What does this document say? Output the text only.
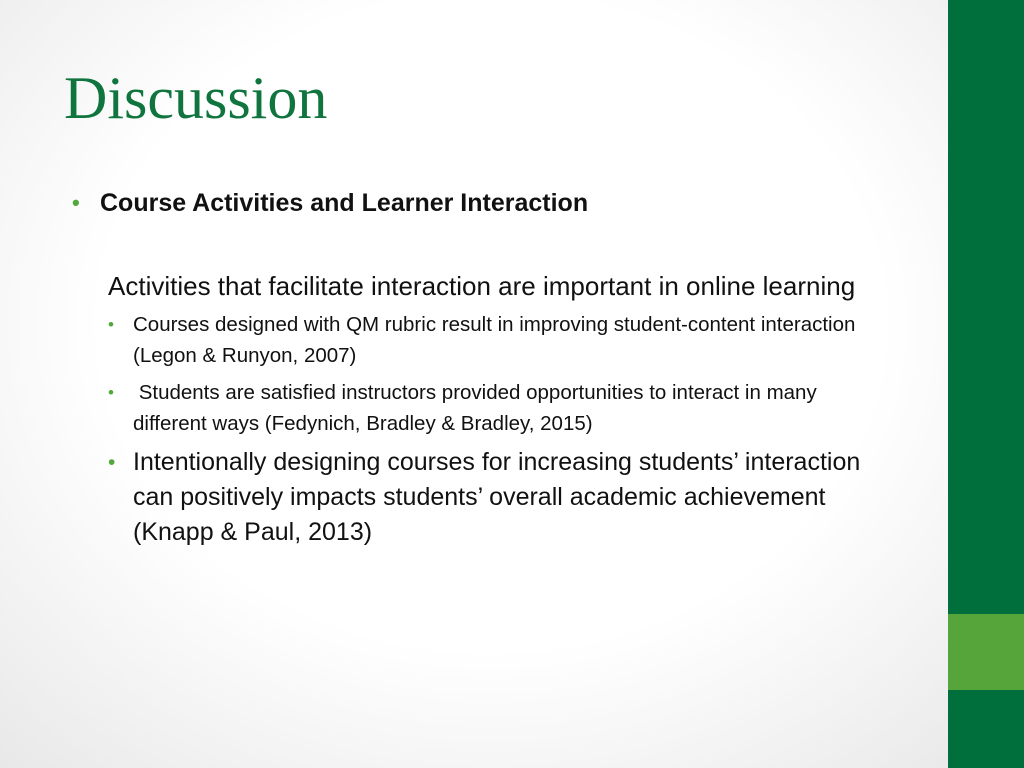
Discussion
• Course Activities and Learner Interaction
Activities that facilitate interaction are important in online learning
• Courses designed with QM rubric result in improving student-content interaction (Legon & Runyon, 2007)
• Students are satisfied instructors provided opportunities to interact in many different ways (Fedynich, Bradley & Bradley, 2015)
• Intentionally designing courses for increasing students’ interaction can positively impacts students’ overall academic achievement (Knapp & Paul, 2013)
